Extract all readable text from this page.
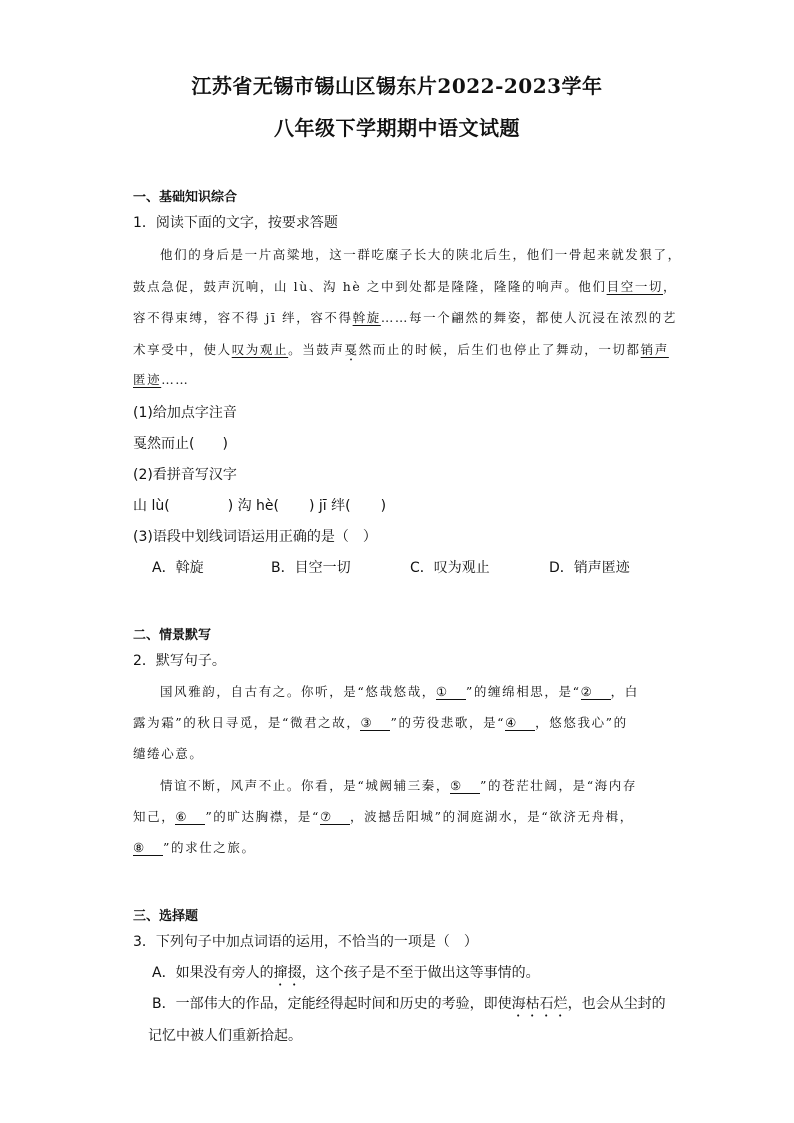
江苏省无锡市锡山区锡东片2022-2023学年
八年级下学期期中语文试题
一、基础知识综合
1．阅读下面的文字，按要求答题
他们的身后是一片高粱地，这一群吃糜子长大的陕北后生，他们一骨起来就发狠了，
鼓点急促，鼓声沉响，山 lù、沟 hè 之中到处都是隆隆，隆隆的响声。他们目空一切，
容不得束缚，容不得 jī 绊，容不得斡旋……每一个翩然的舞姿，都使人沉浸在浓烈的艺
术享受中，使人叹为观止。当鼓声戛然而止的时候，后生们也停止了舞动，一切都销声
匿迹……
(1)给加点字注音
戛然而止(　　)
(2)看拼音写汉字
山 lù(	) 沟 hè( ) jī 绊( )
(3)语段中划线词语运用正确的是（　）
A．斡旋	B．目空一切	C．叹为观止	D．销声匿迹
二、情景默写
2．默写句子。
国风雅韵，自古有之。你听，是“悠哉悠哉，① ”的缠绵相思，是“② ，白
露为霜”的秋日寻觅，是“微君之故，③ ”的劳役悲歌，是“④ ，悠悠我心”的
缱绻心意。
情谊不断，风声不止。你看，是“城阙辅三秦，⑤ ”的苍茫壮阔，是“海内存
知己，⑥ ”的旷达胸襟，是“⑦ ，波撼岳阳城”的洞庭湖水，是“欲济无舟楫，
⑧ ”的求仕之旅。
三、选择题
3．下列句子中加点词语的运用，不恰当的一项是（　）
A．如果没有旁人的撺掇，这个孩子是不至于做出这等事情的。
B．一部伟大的作品，定能经得起时间和历史的考验，即使海枯石烂，也会从尘封的
记忆中被人们重新拾起。
